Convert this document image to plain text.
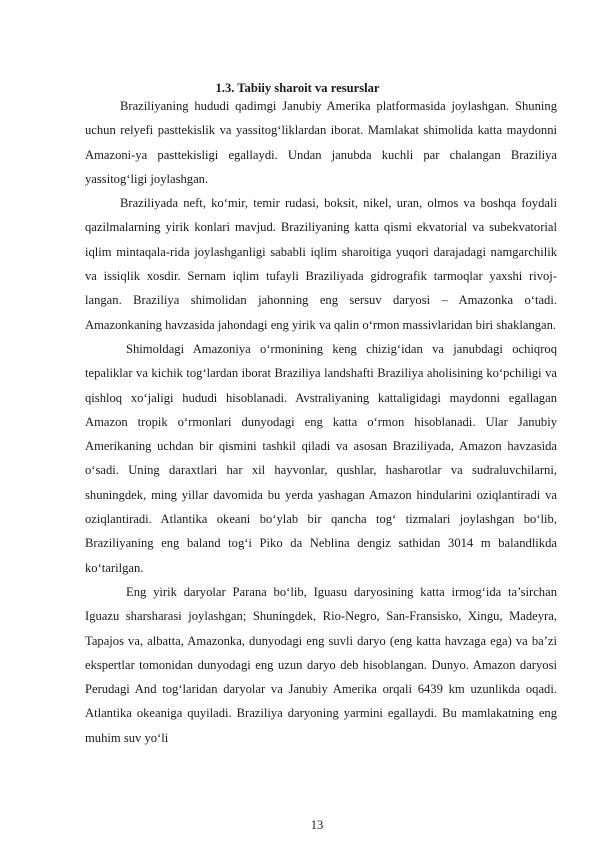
1.3. Tabiiy sharoit va resurslar

Braziliyaning hududi qadimgi Janubiy Amerika platformasida joylashgan. Shuning uchun relyefi pasttekislik va yassitogʻliklardan iborat. Mamlakat shimolida katta maydonni Amazoni-ya pasttekisligi egallaydi. Undan janubda kuchli par chalangan Braziliya yassitogʻligi joylashgan.

Braziliyada neft, koʻmir, temir rudasi, boksit, nikel, uran, olmos va boshqa foydali qazilmalarning yirik konlari mavjud. Braziliyaning katta qismi ekvatorial va subekvatorial iqlim mintaqala-rida joylashganligi sababli iqlim sharoitiga yuqori darajadagi namgarchilik va issiqlik xosdir. Sernam iqlim tufayli Braziliyada gidrografik tarmoqlar yaxshi rivoj-langan. Braziliya shimolidan jahonning eng sersuv daryosi – Amazonka oʻtadi. Amazonkaning havzasida jahondagi eng yirik va qalin oʻrmon massivlaridan biri shaklangan.

Shimoldagi Amazoniya oʻrmonining keng chizigʻidan va janubdagi ochiqroq tepaliklar va kichik togʻlardan iborat Braziliya landshafti Braziliya aholisining koʻpchiligi va qishloq xoʻjaligi hududi hisoblanadi. Avstraliyaning kattaligidagi maydonni egallagan Amazon tropik oʻrmonlari dunyodagi eng katta oʻrmon hisoblanadi. Ular Janubiy Amerikaning uchdan bir qismini tashkil qiladi va asosan Braziliyada, Amazon havzasida oʻsadi. Uning daraxtlari har xil hayvonlar, qushlar, hasharotlar va sudraluvchilarni, shuningdek, ming yillar davomida bu yerda yashagan Amazon hindularini oziqlantiradi va oziqlantiradi. Atlantika okeani boʻylab bir qancha togʻ tizmalari joylashgan boʻlib, Braziliyaning eng baland togʻi Piko da Neblina dengiz sathidan 3014 m balandlikda koʻtarilgan.

Eng yirik daryolar Parana boʻlib, Iguasu daryosining katta irmogʻida ta’sirchan Iguazu sharsharasi joylashgan; Shuningdek, Rio-Negro, San-Fransisko, Xingu, Madeyra, Tapajos va, albatta, Amazonka, dunyodagi eng suvli daryo (eng katta havzaga ega) va ba’zi ekspertlar tomonidan dunyodagi eng uzun daryo deb hisoblangan. Dunyo. Amazon daryosi Perudagi And togʻlaridan daryolar va Janubiy Amerika orqali 6439 km uzunlikda oqadi. Atlantika okeaniga quyiladi. Braziliya daryoning yarmini egallaydi. Bu mamlakatning eng muhim suv yoʻli

13
